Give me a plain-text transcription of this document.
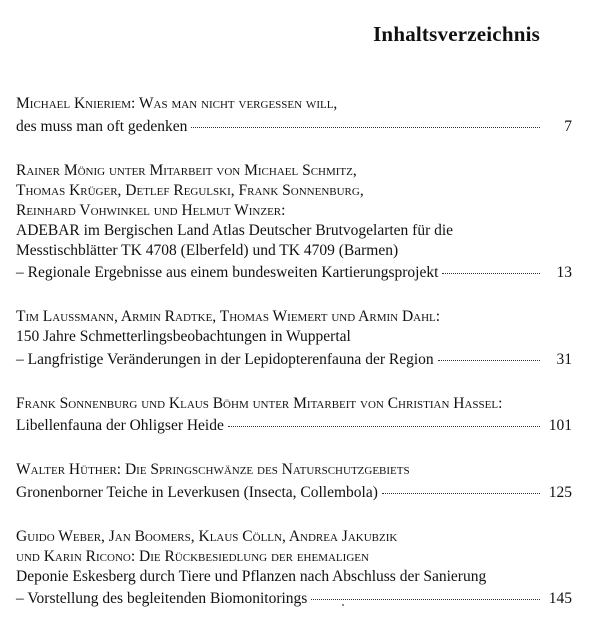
Inhaltsverzeichnis
Michael Knieriem: Was man nicht vergessen will,
des muss man oft gedenken	7
Rainer Mönig unter Mitarbeit von Michael Schmitz,
Thomas Krüger, Detlef Regulski, Frank Sonnenburg,
Reinhard Vohwinkel und Helmut Winzer:
ADEBAR im Bergischen Land Atlas Deutscher Brutvogelarten für die
Messtischblätter TK 4708 (Elberfeld) und TK 4709 (Barmen)
– Regionale Ergebnisse aus einem bundesweiten Kartierungsprojekt	13
Tim Laussmann, Armin Radtke, Thomas Wiemert und Armin Dahl:
150 Jahre Schmetterlingsbeobachtungen in Wuppertal
– Langfristige Veränderungen in der Lepidopterenfauna der Region	31
Frank Sonnenburg und Klaus Böhm unter Mitarbeit von Christian Haßel:
Libellenfauna der Ohligser Heide	101
Walter Hüther: Die Springschwänze des Naturschutzgebiets
Gronenborner Teiche in Leverkusen (Insecta, Collembola)	125
Guido Weber, Jan Boomers, Klaus Cölln, Andrea Jakubzik
und Karin Ricono: Die Rückbesiedlung der ehemaligen
Deponie Eskesberg durch Tiere und Pflanzen nach Abschluss der Sanierung
– Vorstellung des begleitenden Biomonitorings	145
